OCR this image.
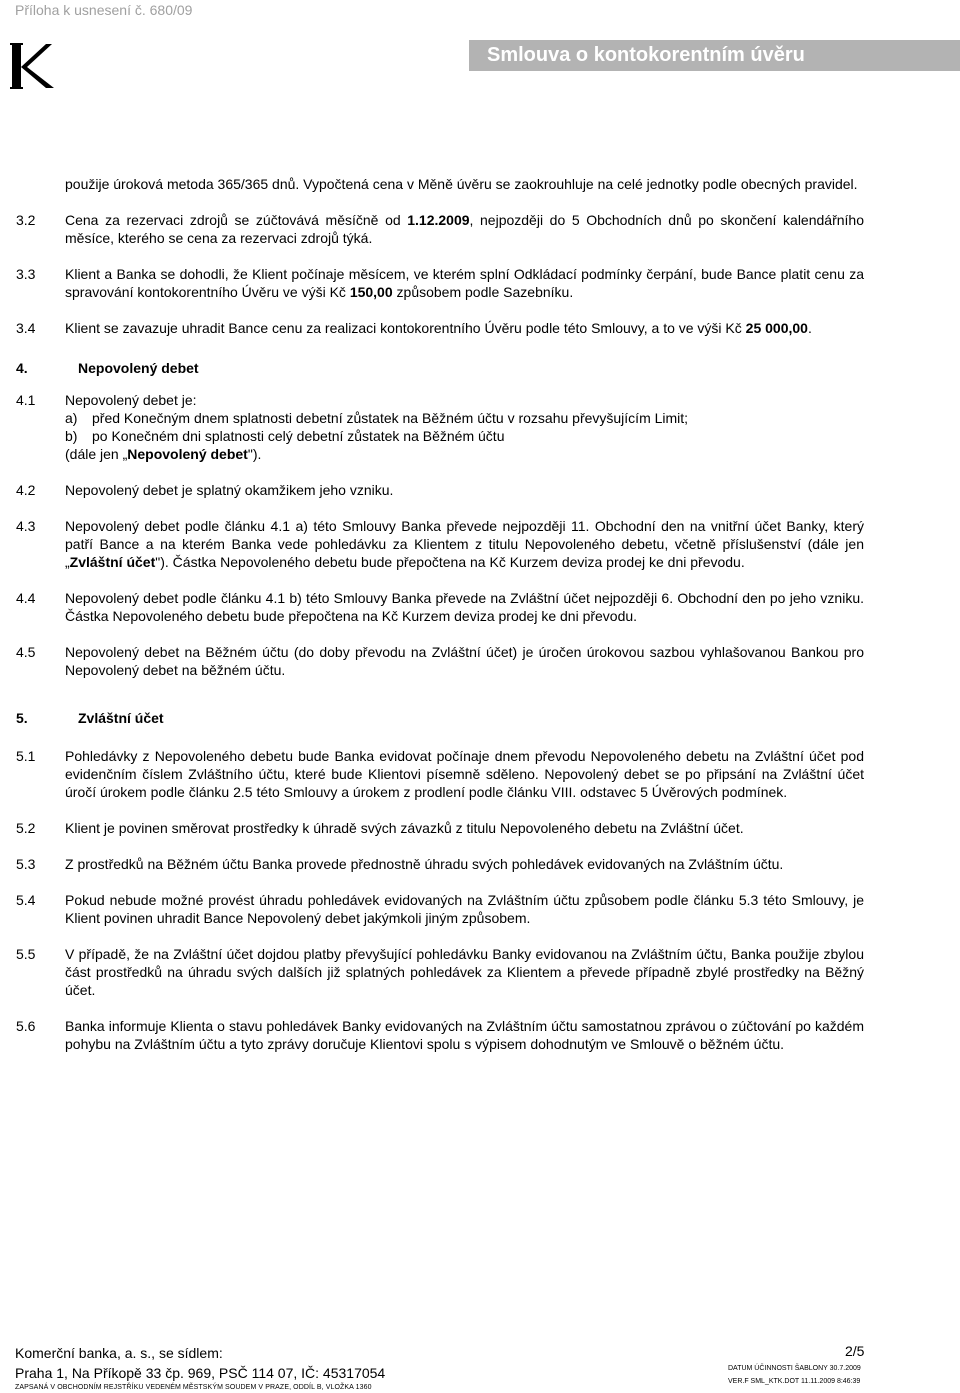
Příloha k usnesení č. 680/09
Smlouva o kontokorentním úvěru
použije úroková metoda 365/365 dnů. Vypočtená cena v Měně úvěru se zaokrouhluje na celé jednotky podle obecných pravidel.
3.2 Cena za rezervaci zdrojů se zúčtovává měsíčně od 1.12.2009, nejpozději do 5 Obchodních dnů po skončení kalendářního měsíce, kterého se cena za rezervaci zdrojů týká.
3.3 Klient a Banka se dohodli, že Klient počínaje měsícem, ve kterém splní Odkládací podmínky čerpání, bude Bance platit cenu za spravování kontokorentního Úvěru ve výši Kč 150,00 způsobem podle Sazebníku.
3.4 Klient se zavazuje uhradit Bance cenu za realizaci kontokorentního Úvěru podle této Smlouvy, a to ve výši Kč 25 000,00.
4.	Nepovolený debet
4.1 Nepovolený debet je:
a)	před Konečným dnem splatnosti debetní zůstatek na Běžném účtu v rozsahu převyšujícím Limit;
b)	po Konečném dni splatnosti celý debetní zůstatek na Běžném účtu
(dále jen „Nepovolený debet").
4.2 Nepovolený debet je splatný okamžikem jeho vzniku.
4.3 Nepovolený debet podle článku 4.1 a) této Smlouvy Banka převede nejpozději 11. Obchodní den na vnitřní účet Banky, který patří Bance a na kterém Banka vede pohledávku za Klientem z titulu Nepovoleného debetu, včetně příslušenství (dále jen „Zvláštní účet"). Částka Nepovoleného debetu bude přepočtena na Kč Kurzem deviza prodej ke dni převodu.
4.4 Nepovolený debet podle článku 4.1 b) této Smlouvy Banka převede na Zvláštní účet nejpozději 6. Obchodní den po jeho vzniku. Částka Nepovoleného debetu bude přepočtena na Kč Kurzem deviza prodej ke dni převodu.
4.5 Nepovolený debet na Běžném účtu (do doby převodu na Zvláštní účet) je úročen úrokovou sazbou vyhlašovanou Bankou pro Nepovolený debet na běžném účtu.
5.	Zvláštní účet
5.1 Pohledávky z Nepovoleného debetu bude Banka evidovat počínaje dnem převodu Nepovoleného debetu na Zvláštní účet pod evidenčním číslem Zvláštního účtu, které bude Klientovi písemně sděleno. Nepovolený debet se po připsání na Zvláštní účet úročí úrokem podle článku 2.5 této Smlouvy a úrokem z prodlení podle článku VIII. odstavec 5 Úvěrových podmínek.
5.2 Klient je povinen směrovat prostředky k úhradě svých závazků z titulu Nepovoleného debetu na Zvláštní účet.
5.3 Z prostředků na Běžném účtu Banka provede přednostně úhradu svých pohledávek evidovaných na Zvláštním účtu.
5.4 Pokud nebude možné provést úhradu pohledávek evidovaných na Zvláštním účtu způsobem podle článku 5.3 této Smlouvy, je Klient povinen uhradit Bance Nepovolený debet jakýmkoli jiným způsobem.
5.5 V případě, že na Zvláštní účet dojdou platby převyšující pohledávku Banky evidovanou na Zvláštním účtu, Banka použije zbylou část prostředků na úhradu svých dalších již splatných pohledávek za Klientem a převede případně zbylé prostředky na Běžný účet.
5.6 Banka informuje Klienta o stavu pohledávek Banky evidovaných na Zvláštním účtu samostatnou zprávou o zúčtování po každém pohybu na Zvláštním účtu a tyto zprávy doručuje Klientovi spolu s výpisem dohodnutým ve Smlouvě o běžném účtu.
Komerční banka, a. s., se sídlem:
Praha 1, Na Příkopě 33 čp. 969, PSČ 114 07, IČ: 45317054
ZAPSANÁ V OBCHODNÍM REJSTŘÍKU VEDENÉM MĚSTSKÝM SOUDEM V PRAZE, ODDÍL B, VLOŽKA 1360
2/5
DATUM ÚČINNOSTI ŠABLONY 30.7.2009
VER.F SML_KTK.DOT 11.11.2009 8:46:39
